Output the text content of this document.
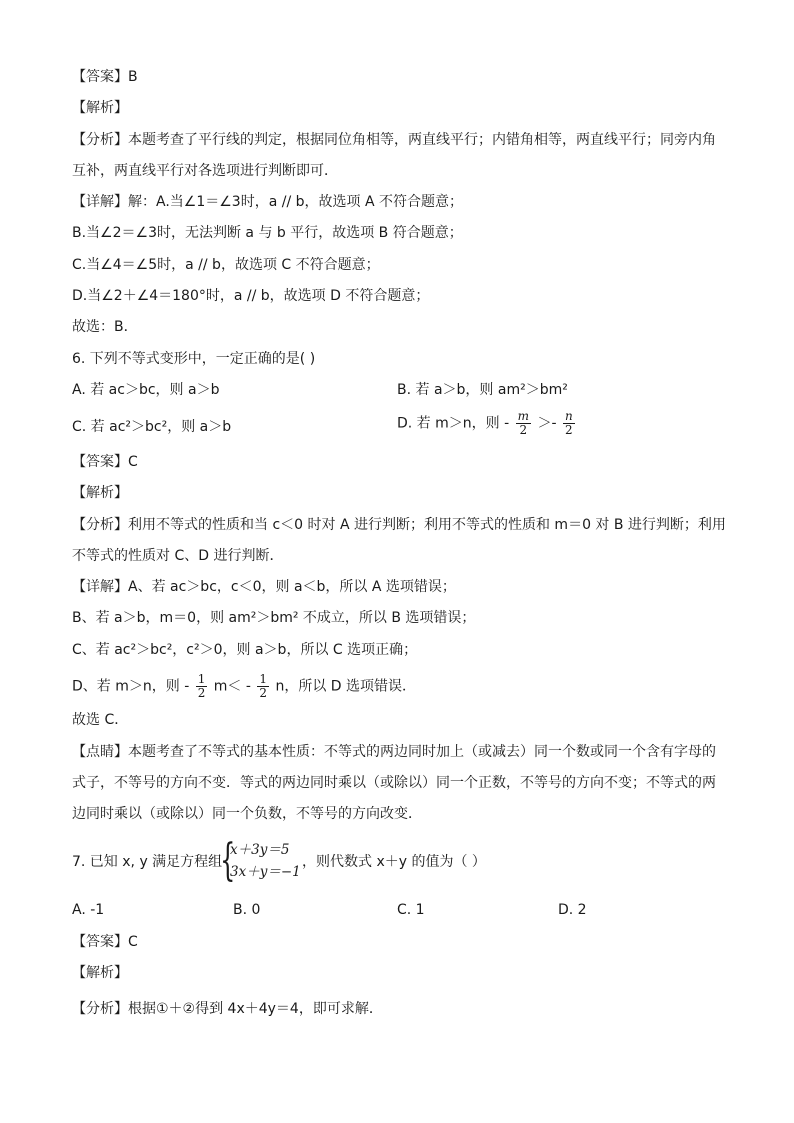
【答案】B
【解析】
【分析】本题考查了平行线的判定，根据同位角相等，两直线平行；内错角相等，两直线平行；同旁内角
互补，两直线平行对各选项进行判断即可．
【详解】解：A.当∠1＝∠3时，a // b，故选项 A 不符合题意；
B.当∠2＝∠3时，无法判断 a 与 b 平行，故选项 B 符合题意；
C.当∠4＝∠5时，a // b，故选项 C 不符合题意；
D.当∠2＋∠4＝180°时，a // b，故选项 D 不符合题意；
故选：B．
6. 下列不等式变形中，一定正确的是( )
A. 若 ac＞bc，则 a＞b	B. 若 a＞b，则 am²＞bm²
C. 若 ac²＞bc²，则 a＞b	D. 若 m＞n，则 - $\frac{m}{2} >- \frac{n}{2}$
【答案】C
【解析】
【分析】利用不等式的性质和当 c＜0 时对 A 进行判断；利用不等式的性质和 m＝0 对 B 进行判断；利用
不等式的性质对 C、D 进行判断．
【详解】A、若 ac＞bc，c＜0，则 a＜b，所以 A 选项错误；
B、若 a＞b，m＝0，则 am²＞bm² 不成立，所以 B 选项错误；
C、若 ac²＞bc²，c²＞0，则 a＞b，所以 C 选项正确；
D、若 m＞n，则 - $\frac{1}{2} m< - \frac{1}{2}$ n，所以 D 选项错误．
故选 C．
【点睛】本题考查了不等式的基本性质：不等式的两边同时加上（或减去）同一个数或同一个含有字母的
式子，不等号的方向不变．等式的两边同时乘以（或除以）同一个正数，不等号的方向不变；不等式的两
边同时乘以（或除以）同一个负数，不等号的方向改变．
7. 已知 x, y 满足方程组
{
x＋3y＝5
3x＋y＝−1
，则代数式 x＋y 的值为（ ）
A. -1	B. 0	C. 1	D. 2
【答案】C
【解析】
【分析】根据①＋②得到 4x＋4y＝4，即可求解．
